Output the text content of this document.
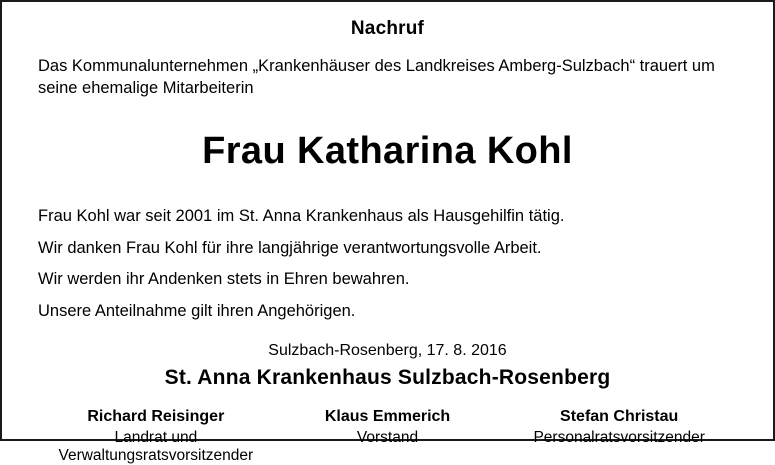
Nachruf
Das Kommunalunternehmen „Krankenhäuser des Landkreises Amberg-Sulzbach“ trauert um
seine ehemalige Mitarbeiterin
Frau Katharina Kohl
Frau Kohl war seit 2001 im St. Anna Krankenhaus als Hausgehilfin tätig.
Wir danken Frau Kohl für ihre langjährige verantwortungsvolle Arbeit.
Wir werden ihr Andenken stets in Ehren bewahren.
Unsere Anteilnahme gilt ihren Angehörigen.
Sulzbach-Rosenberg, 17. 8. 2016
St. Anna Krankenhaus Sulzbach-Rosenberg
Richard Reisinger
Landrat und Verwaltungsratsvorsitzender
Klaus Emmerich
Vorstand
Stefan Christau
Personalratsvorsitzender
